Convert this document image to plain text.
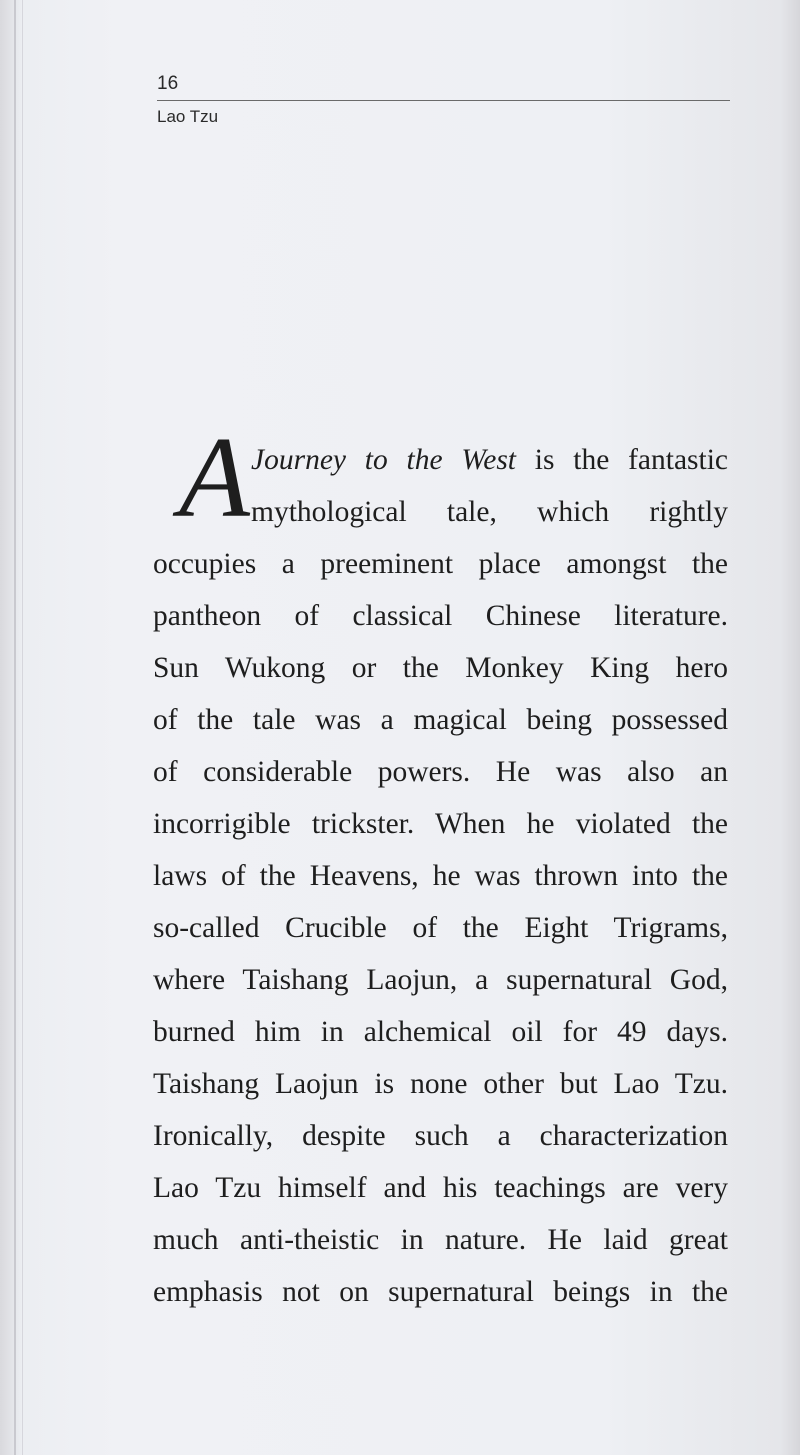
16
Lao Tzu
A Journey to the West is the fantastic
mythological tale, which rightly
occupies a preeminent place amongst the
pantheon of classical Chinese literature.
Sun Wukong or the Monkey King hero
of the tale was a magical being possessed
of considerable powers. He was also an
incorrigible trickster. When he violated the
laws of the Heavens, he was thrown into the
so-called Crucible of the Eight Trigrams,
where Taishang Laojun, a supernatural God,
burned him in alchemical oil for 49 days.
Taishang Laojun is none other but Lao Tzu.
Ironically, despite such a characterization
Lao Tzu himself and his teachings are very
much anti-theistic in nature. He laid great
emphasis not on supernatural beings in the
